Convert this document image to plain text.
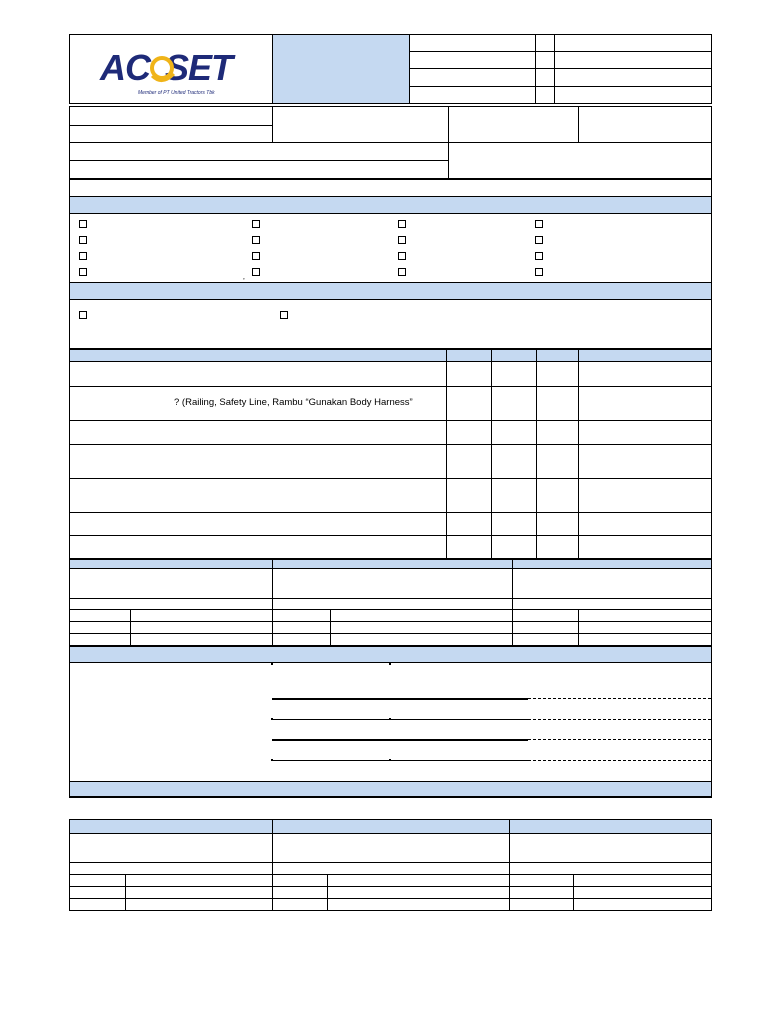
AC SET
Member of PT United Tractors Tbk
? (Railing, Safety Line, Rambu “Gunakan Body Harness”
